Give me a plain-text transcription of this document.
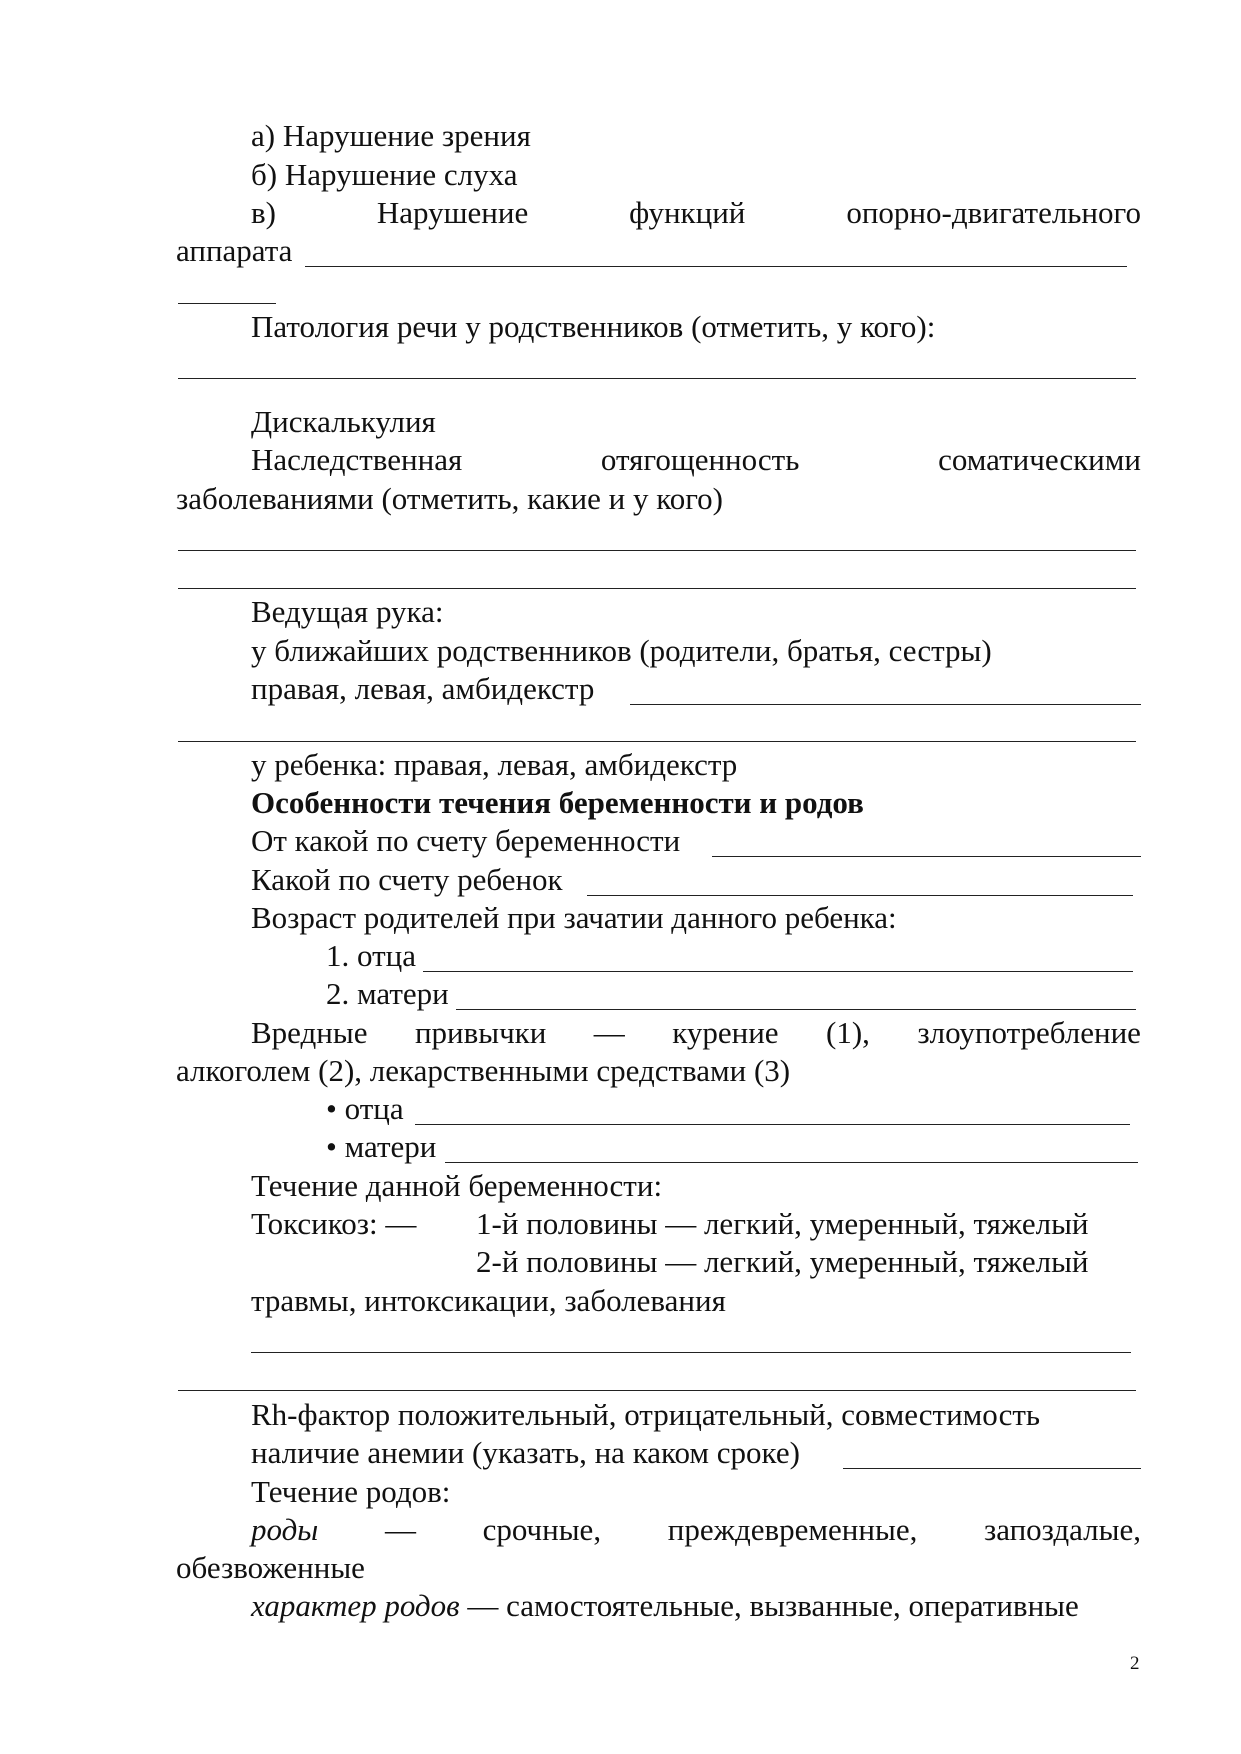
а) Нарушение зрения
б) Нарушение слуха
в)	Нарушение	функций	опорно-двигательного
аппарата
Патология речи у родственников (отметить, у кого):
Дискалькулия
Наследственная	отягощенность	соматическими
заболеваниями (отметить, какие и у кого)
Ведущая рука:
у ближайших родственников (родители, братья, сестры)
правая, левая, амбидекстр
у ребенка: правая, левая, амбидекстр
Особенности течения беременности и родов
От какой по счету беременности
Какой по счету ребенок
Возраст родителей при зачатии данного ребенка:
1. отца
2. матери
Вредные привычки — курение (1), злоупотребление
алкоголем (2), лекарственными средствами (3)
• отца
• матери
Течение данной беременности:
Токсикоз: — 1-й половины — легкий, умеренный, тяжелый
2-й половины — легкий, умеренный, тяжелый
травмы, интоксикации, заболевания
Rh-фактор положительный, отрицательный, совместимость
наличие анемии (указать, на каком сроке)
Течение родов:
роды — срочные, преждевременные, запоздалые,
обезвоженные
характер родов — самостоятельные, вызванные, оперативные
2
